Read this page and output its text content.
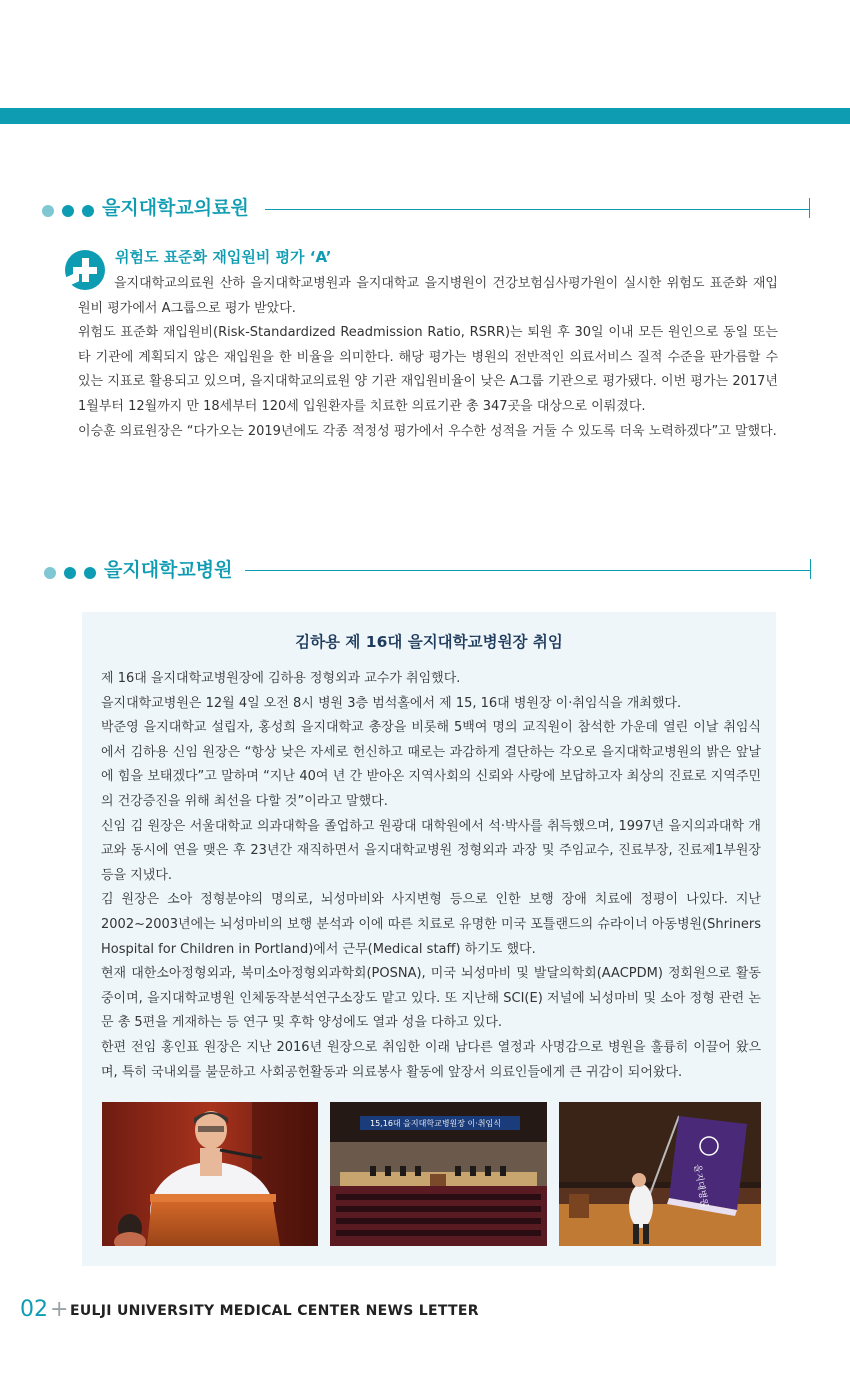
을지대학교의료원
위험도 표준화 재입원비 평가 ‘A’

을지대학교의료원 산하 을지대학교병원과 을지대학교 을지병원이 건강보험심사평가원이 실시한 위험도 표준화 재입원비 평가에서 A그룹으로 평가 받았다.

위험도 표준화 재입원비(Risk-Standardized Readmission Ratio, RSRR)는 퇴원 후 30일 이내 모든 원인으로 동일 또는 타 기관에 계획되지 않은 재입원을 한 비율을 의미한다. 해당 평가는 병원의 전반적인 의료서비스 질적 수준을 판가름할 수 있는 지표로 활용되고 있으며, 을지대학교의료원 양 기관 재입원비율이 낮은 A그룹 기관으로 평가됐다. 이번 평가는 2017년 1월부터 12월까지 만 18세부터 120세 입원환자를 치료한 의료기관 총 347곳을 대상으로 이뤄졌다.

이승훈 의료원장은 “다가오는 2019년에도 각종 적정성 평가에서 우수한 성적을 거둘 수 있도록 더욱 노력하겠다”고 말했다.

을지대학교병원
김하용 제 16대 을지대학교병원장 취임

제 16대 을지대학교병원장에 김하용 정형외과 교수가 취임했다.

을지대학교병원은 12월 4일 오전 8시 병원 3층 범석홀에서 제 15, 16대 병원장 이·취임식을 개최했다.

박준영 을지대학교 설립자, 홍성희 을지대학교 총장을 비롯해 5백여 명의 교직원이 참석한 가운데 열린 이날 취임식에서 김하용 신임 원장은 “항상 낮은 자세로 헌신하고 때로는 과감하게 결단하는 각오로 을지대학교병원의 밝은 앞날에 힘을 보태겠다”고 말하며 “지난 40여 년 간 받아온 지역사회의 신뢰와 사랑에 보답하고자 최상의 진료로 지역주민의 건강증진을 위해 최선을 다할 것”이라고 말했다.

신임 김 원장은 서울대학교 의과대학을 졸업하고 원광대 대학원에서 석·박사를 취득했으며, 1997년 을지의과대학 개교와 동시에 연을 맺은 후 23년간 재직하면서 을지대학교병원 정형외과 과장 및 주임교수, 진료부장, 진료제1부원장 등을 지냈다.

김 원장은 소아 정형분야의 명의로, 뇌성마비와 사지변형 등으로 인한 보행 장애 치료에 정평이 나있다. 지난 2002~2003년에는 뇌성마비의 보행 분석과 이에 따른 치료로 유명한 미국 포틀랜드의 슈라이너 아동병원(Shriners Hospital for Children in Portland)에서 근무(Medical staff) 하기도 했다.

현재 대한소아정형외과, 북미소아정형외과학회(POSNA), 미국 뇌성마비 및 발달의학회(AACPDM) 정회원으로 활동 중이며, 을지대학교병원 인체동작분석연구소장도 맡고 있다. 또 지난해 SCI(E) 저널에 뇌성마비 및 소아 정형 관련 논문 총 5편을 게재하는 등 연구 및 후학 양성에도 열과 성을 다하고 있다.

한편 전임 홍인표 원장은 지난 2016년 원장으로 취임한 이래 남다른 열정과 사명감으로 병원을 훌륭히 이끌어 왔으며, 특히 국내외를 불문하고 사회공헌활동과 의료봉사 활동에 앞장서 의료인들에게 큰 귀감이 되어왔다.

15,16대 을지대학교병원장 이·취임식
을지대병원
02 + EULJI UNIVERSITY MEDICAL CENTER NEWS LETTER
